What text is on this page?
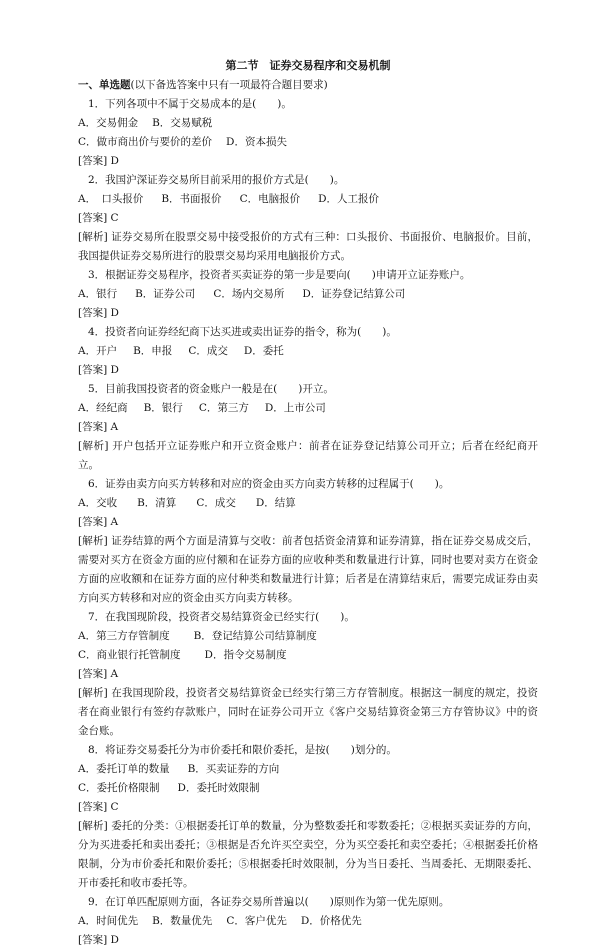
第二节　证券交易程序和交易机制
一、单选题(以下备选答案中只有一项最符合题目要求)
1．下列各项中不属于交易成本的是(　　)。
A．交易佣金 B．交易赋税
C．做市商出价与要价的差价 D．资本损失
[答案] D
2．我国沪深证券交易所目前采用的报价方式是(　　)。
A．　口头报价 B．书面报价 C．电脑报价 D．人工报价
[答案] C
[解析] 证券交易所在股票交易中接受报价的方式有三种：口头报价、书面报价、电脑报价。目前，我国提供证券交易所进行的股票交易均采用电脑报价方式。
3．根据证券交易程序，投资者买卖证券的第一步是要向(　　)申请开立证券账户。
A．银行 B．证券公司 C．场内交易所 D．证券登记结算公司
[答案] D
4．投资者向证券经纪商下达买进或卖出证券的指令，称为(　　)。
A．开户 B．申报 C．成交 D．委托
[答案] D
5．目前我国投资者的资金账户一般是在(　　)开立。
A．经纪商 B．银行 C．第三方 D．上市公司
[答案] A
[解析] 开户包括开立证券账户和开立资金账户：前者在证券登记结算公司开立；后者在经纪商开立。
6．证券由卖方向买方转移和对应的资金由买方向卖方转移的过程属于(　　)。
A．交收 B．清算 C．成交 D．结算
[答案] A
[解析] 证券结算的两个方面是清算与交收：前者包括资金清算和证券清算，指在证券交易成交后，需要对买方在资金方面的应付额和在证券方面的应收种类和数量进行计算，同时也要对卖方在资金方面的应收额和在证券方面的应付种类和数量进行计算；后者是在清算结束后，需要完成证券由卖方向买方转移和对应的资金由买方向卖方转移。
7．在我国现阶段，投资者交易结算资金已经实行(　　)。
A．第三方存管制度 B．登记结算公司结算制度
C．商业银行托管制度 D．指令交易制度
[答案] A
[解析] 在我国现阶段，投资者交易结算资金已经实行第三方存管制度。根据这一制度的规定，投资者在商业银行有签约存款账户，同时在证券公司开立《客户交易结算资金第三方存管协议》中的资金台账。
8．将证券交易委托分为市价委托和限价委托，是按(　　)划分的。
A．委托订单的数量 B．买卖证券的方向
C．委托价格限制 D．委托时效限制
[答案] C
[解析] 委托的分类：①根据委托订单的数量，分为整数委托和零数委托；②根据买卖证券的方向，分为买进委托和卖出委托；③根据是否允许买空卖空，分为买空委托和卖空委托；④根据委托价格限制，分为市价委托和限价委托；⑤根据委托时效限制，分为当日委托、当周委托、无期限委托、开市委托和收市委托等。
9．在订单匹配原则方面，各证券交易所普遍以(　　)原则作为第一优先原则。
A．时间优先 B．数量优先 C．客户优先 D．价格优先
[答案] D
